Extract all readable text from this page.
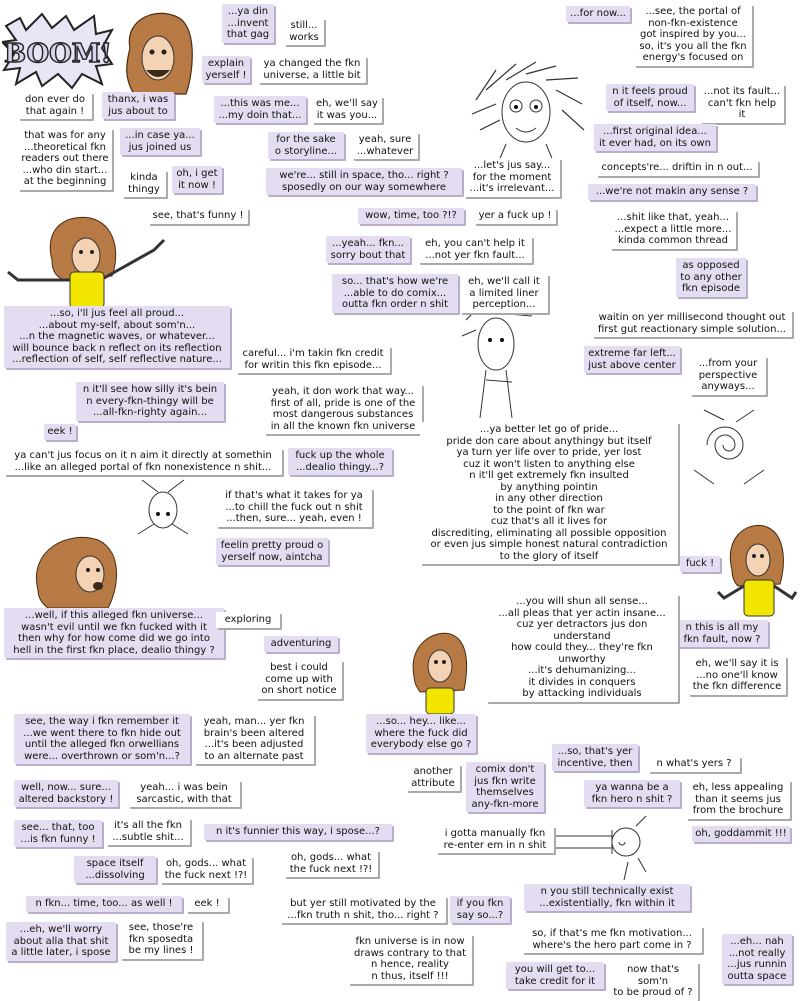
BOOM!
...ya din
...invent
that gag
still...
works
explain
yerself !
ya changed the fkn
universe, a little bit
...this was me...
...my doin that...
eh, we'll say
it was you...
don ever do
that again !
thanx, i was
jus about to
that was for any
...theoretical fkn
readers out there
...who din start...
at the beginning
...in case ya...
jus joined us
kinda
thingy
oh, i get
it now !
for the sake
o storyline...
yeah, sure
...whatever
we're... still in space, tho... right ?
sposedly on our way somewhere
...let's jus say...
for the moment
...it's irrelevant...
see, that's funny !	wow, time, too ?!?	yer a fuck up !
...yeah... fkn...
sorry bout that
eh, you can't help it
...not yer fkn fault...
so... that's how we're
...able to do comix...
outta fkn order n shit
eh, we'll call it
a limited liner
perception...
...so, i'll jus feel all proud...
...about my-self, about som'n...
...n the magnetic waves, or whatever...
will bounce back n reflect on its reflection
...reflection of self, self reflective nature...
careful... i'm takin fkn credit
for writin this fkn episode...
n it'll see how silly it's bein
n every-fkn-thingy will be
...all-fkn-righty again...
yeah, it don work that way...
first of all, pride is one of the
most dangerous substances
in all the known fkn universe
eek !
ya can't jus focus on it n aim it directly at somethin
...like an alleged portal of fkn nonexistence n shit...
fuck up the whole
...dealio thingy...?
...ya better let go of pride...
pride don care about anythingy but itself
ya turn yer life over to pride, yer lost
cuz it won't listen to anything else
n it'll get extremely fkn insulted
by anything pointin
in any other direction
to the point of fkn war
cuz that's all it lives for
discrediting, eliminating all possible opposition
or even jus simple honest natural contradiction
to the glory of itself
if that's what it takes for ya
...to chill the fuck out n shit
...then, sure... yeah, even !
feelin pretty proud o
yerself now, aintcha
...for now...	...see, the portal of
non-fkn-existence
got inspired by you...
so, it's you all the fkn
energy's focused on
n it feels proud
of itself, now...
...not its fault...
can't fkn help it
...first original idea...
it ever had, on its own
concepts're... driftin in n out...
...we're not makin any sense ?
...shit like that, yeah...
...expect a little more...
kinda common thread
as opposed
to any other
fkn episode
waitin on yer millisecond thought out
first gut reactionary simple solution...
extreme far left...
just above center	...from your
perspective
anyways...
fuck !
n this is all my
fkn fault, now ?
eh, we'll say it is
...no one'll know
the fkn difference
...well, if this alleged fkn universe...
wasn't evil until we fkn fucked with it
then why for how come did we go into
hell in the first fkn place, dealio thingy ?
exploring
adventuring
best i could
come up with
on short notice
...you will shun all sense...
...all pleas that yer actin insane...
cuz yer detractors jus don understand
how could they... they're fkn unworthy
...it's dehumanizing...
it divides in conquers
by attacking individuals
see, the way i fkn remember it
...we went there to fkn hide out
until the alleged fkn orwellians
were... overthrown or som'n...?
yeah, man... yer fkn
brain's been altered
...it's been adjusted
to an alternate past
...so... hey... like...
where the fuck did
everybody else go ?
...so, that's yer
incentive, then	n what's yers ?
well, now... sure...
altered backstory !
yeah... i was bein
sarcastic, with that
another
attribute
comix don't
jus fkn write
themselves
any-fkn-more
ya wanna be a
fkn hero n shit ?
eh, less appealing
than it seems jus
from the brochure
see... that, too
...is fkn funny !
it's all the fkn
...subtle shit...	n it's funnier this way, i spose...?	i gotta manually fkn
re-enter em in n shit
oh, goddammit !!!
space itself
...dissolving
oh, gods... what
the fuck next !?!
oh, gods... what
the fuck next !?!
n fkn... time, too... as well !	eek !	but yer still motivated by the
...fkn truth n shit, tho... right ?
if you fkn
say so...?
n you still technically exist
...existentially, fkn within it
...eh, we'll worry
about alla that shit
a little later, i spose
see, those're
fkn sposedta
be my lines !
fkn universe is in now
draws contrary to that
n hence, reality
n thus, itself !!!
so, if that's me fkn motivation...
where's the hero part come in ?	...eh... nah
...not really
...jus runnin
outta space
you will get to...
take credit for it
now that's som'n
to be proud of ?
